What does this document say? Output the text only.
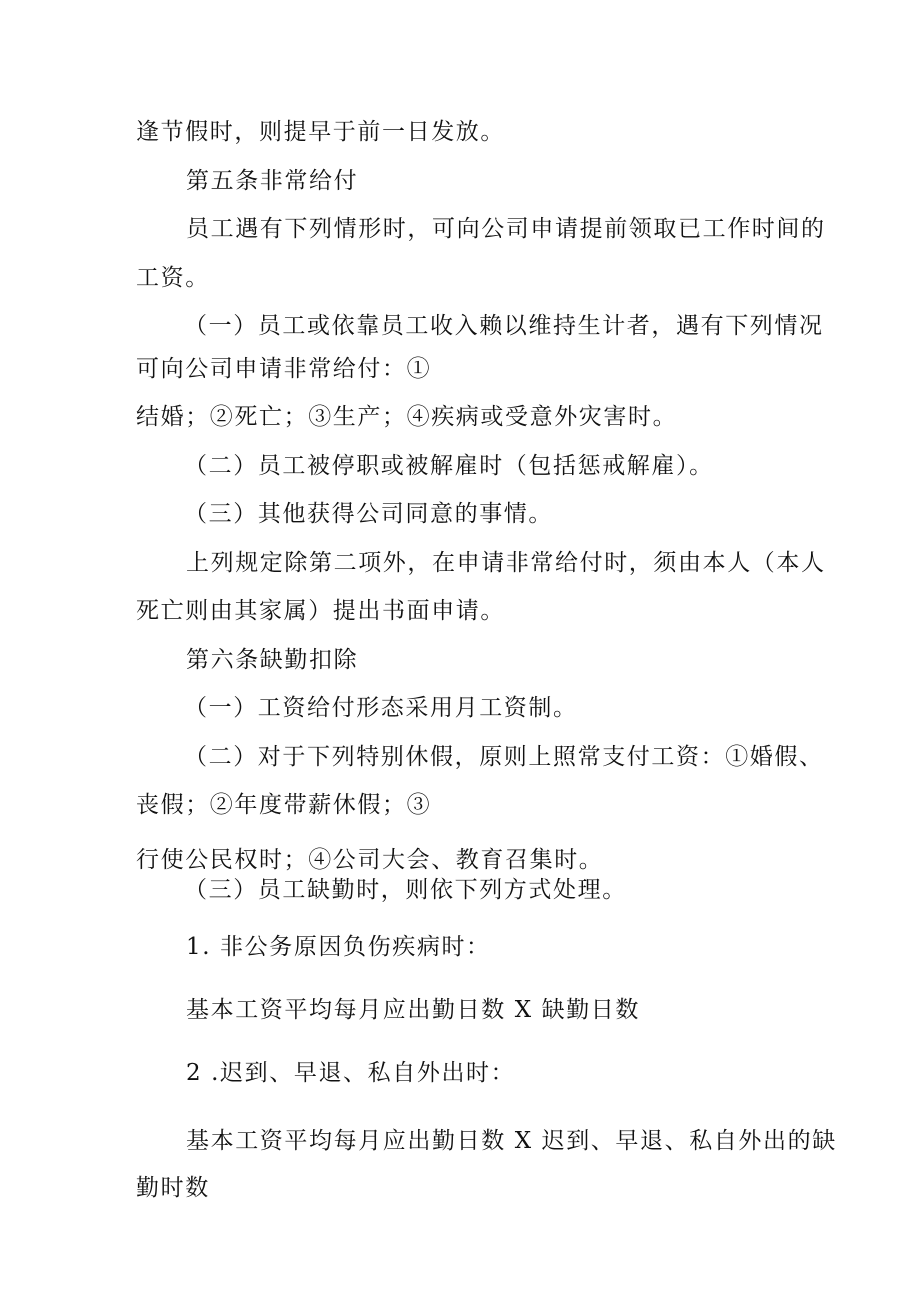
逢节假时，则提早于前一日发放。
第五条非常给付
员工遇有下列情形时，可向公司申请提前领取已工作时间的
工资。
（一）员工或依靠员工收入赖以维持生计者，遇有下列情况
可向公司申请非常给付：①
结婚；②死亡；③生产；④疾病或受意外灾害时。
（二）员工被停职或被解雇时（包括惩戒解雇）。
（三）其他获得公司同意的事情。
上列规定除第二项外，在申请非常给付时，须由本人（本人
死亡则由其家属）提出书面申请。
第六条缺勤扣除
（一）工资给付形态采用月工资制。
（二）对于下列特别休假，原则上照常支付工资：①婚假、
丧假；②年度带薪休假；③
行使公民权时；④公司大会、教育召集时。
（三）员工缺勤时，则依下列方式处理。
1. 非公务原因负伤疾病时：
基本工资平均每月应出勤日数 X 缺勤日数
2 .迟到、早退、私自外出时：
基本工资平均每月应出勤日数 X 迟到、早退、私自外出的缺
勤时数
